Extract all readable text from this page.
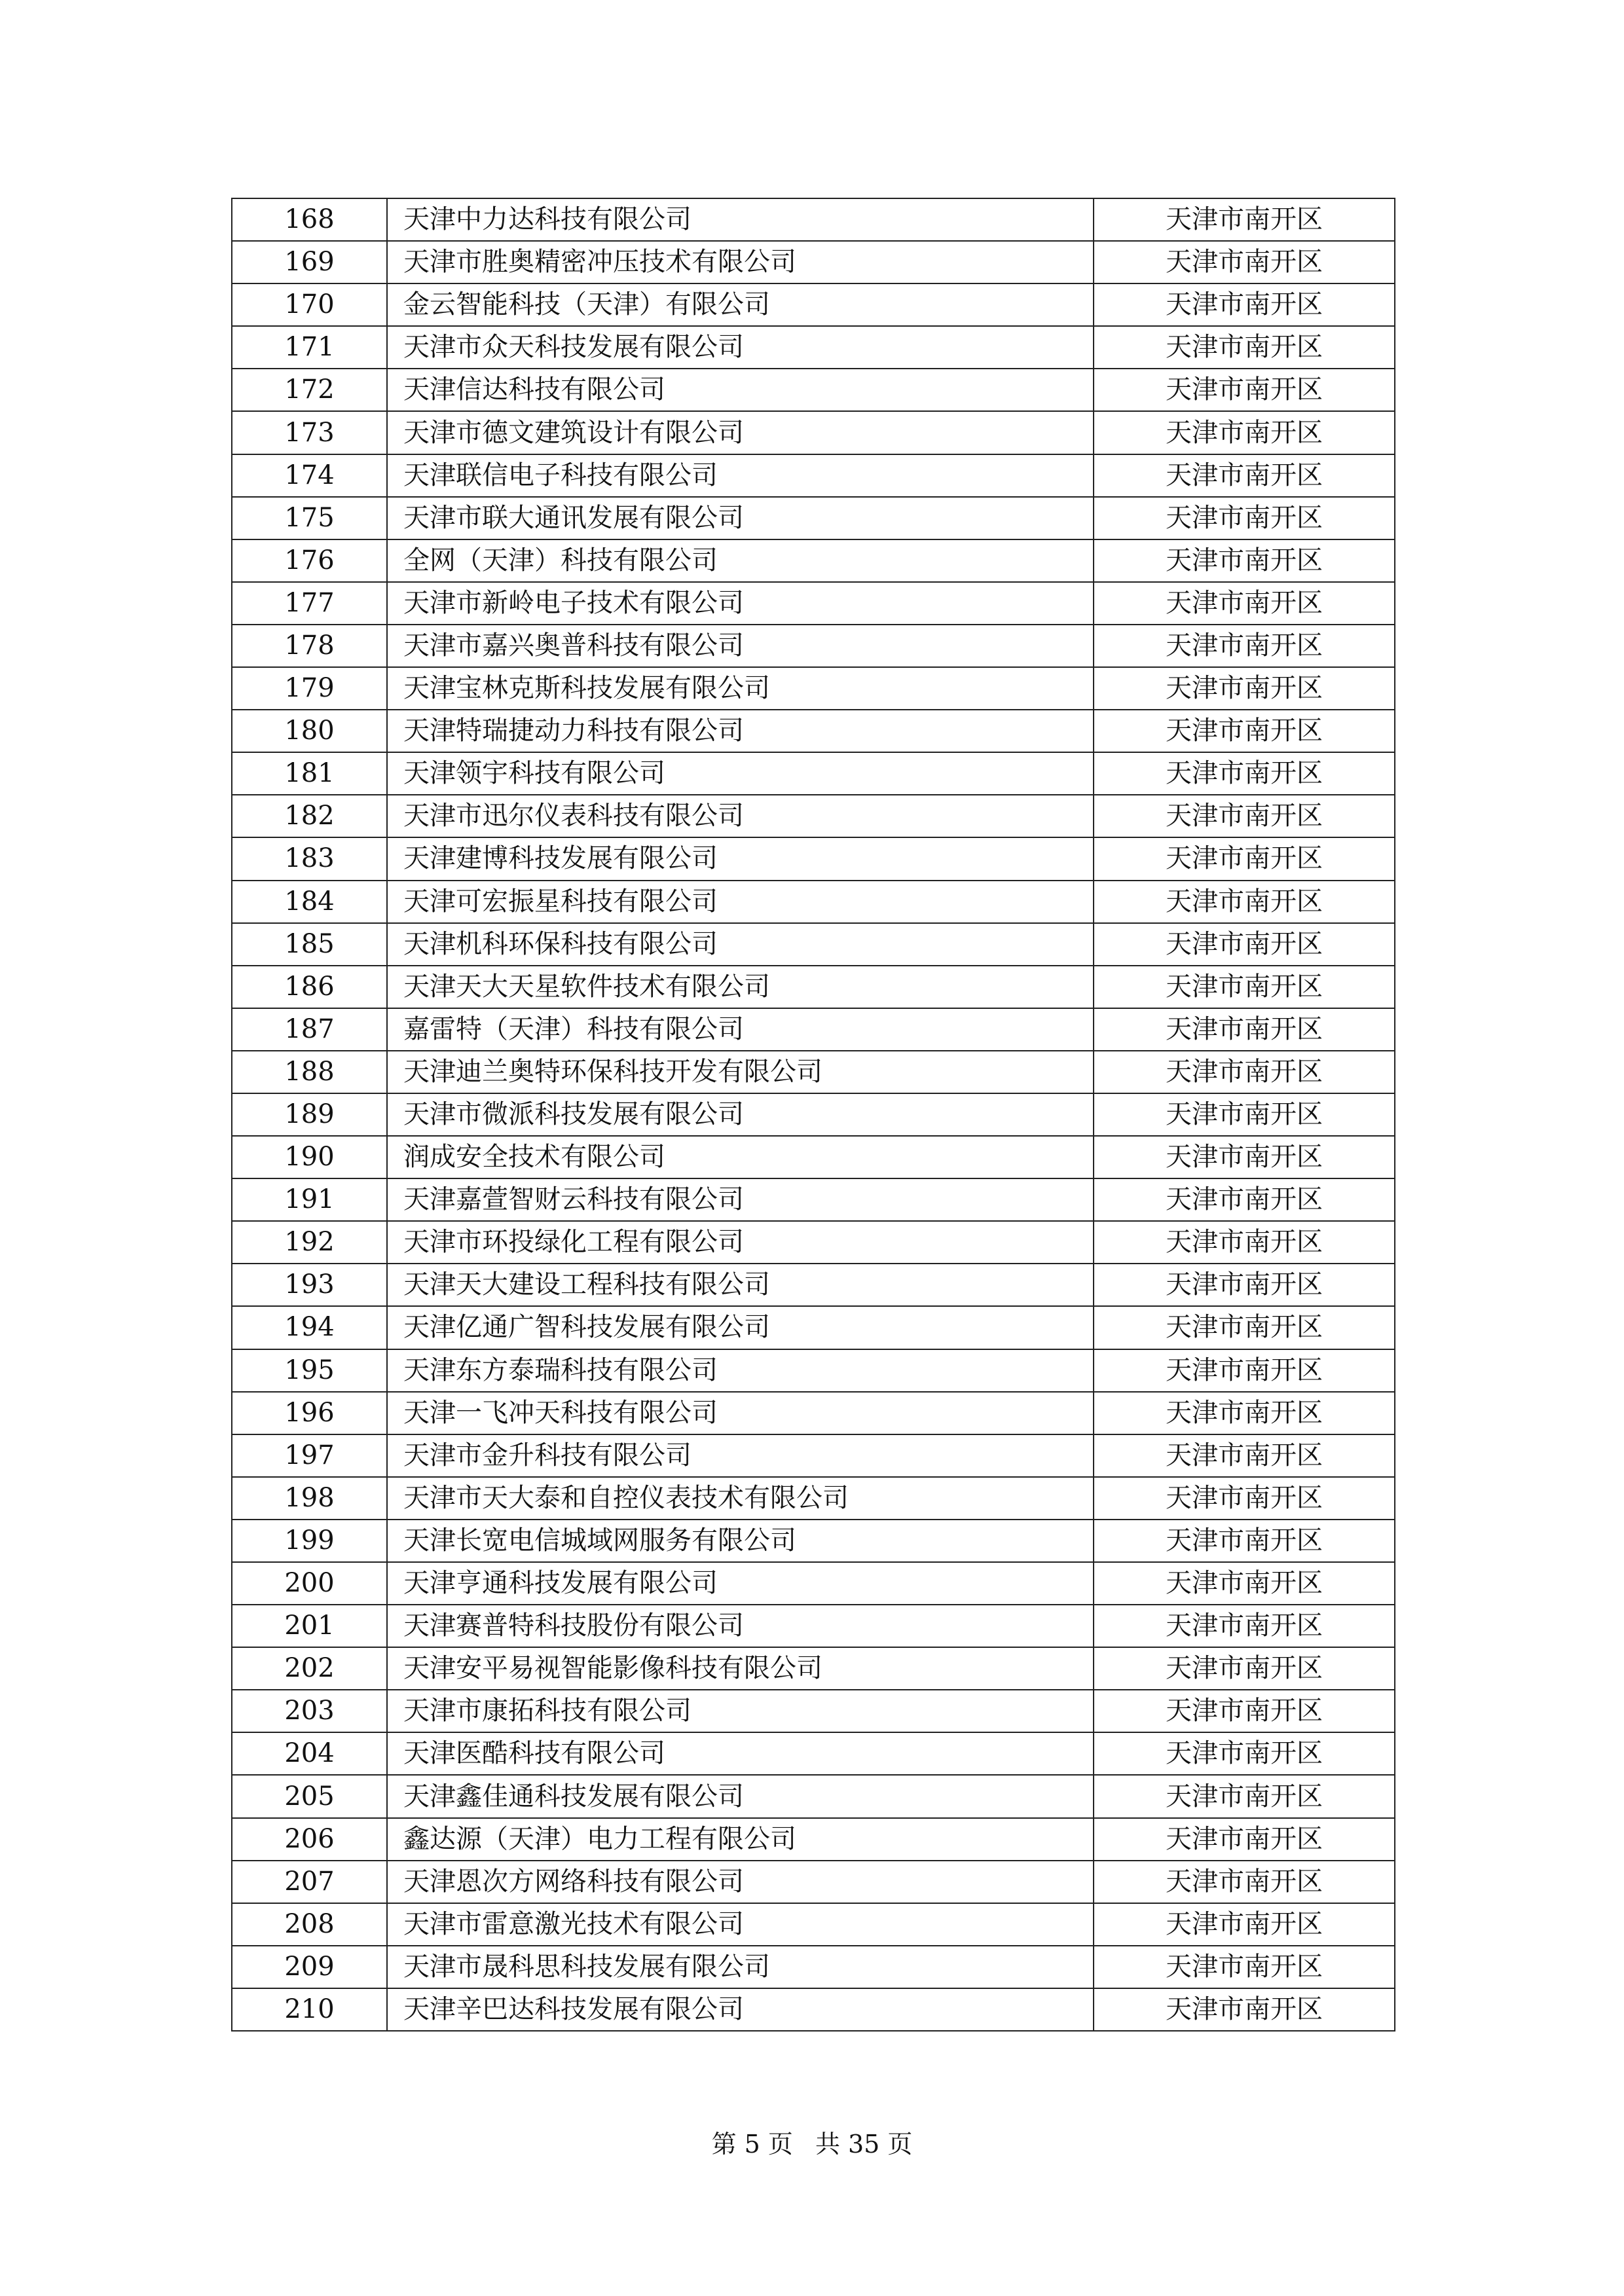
168	天津中力达科技有限公司	天津市南开区
169	天津市胜奥精密冲压技术有限公司	天津市南开区
170	金云智能科技（天津）有限公司	天津市南开区
171	天津市众天科技发展有限公司	天津市南开区
172	天津信达科技有限公司	天津市南开区
173	天津市德文建筑设计有限公司	天津市南开区
174	天津联信电子科技有限公司	天津市南开区
175	天津市联大通讯发展有限公司	天津市南开区
176	全网（天津）科技有限公司	天津市南开区
177	天津市新岭电子技术有限公司	天津市南开区
178	天津市嘉兴奥普科技有限公司	天津市南开区
179	天津宝林克斯科技发展有限公司	天津市南开区
180	天津特瑞捷动力科技有限公司	天津市南开区
181	天津领宇科技有限公司	天津市南开区
182	天津市迅尔仪表科技有限公司	天津市南开区
183	天津建博科技发展有限公司	天津市南开区
184	天津可宏振星科技有限公司	天津市南开区
185	天津机科环保科技有限公司	天津市南开区
186	天津天大天星软件技术有限公司	天津市南开区
187	嘉雷特（天津）科技有限公司	天津市南开区
188	天津迪兰奥特环保科技开发有限公司	天津市南开区
189	天津市微派科技发展有限公司	天津市南开区
190	润成安全技术有限公司	天津市南开区
191	天津嘉萱智财云科技有限公司	天津市南开区
192	天津市环投绿化工程有限公司	天津市南开区
193	天津天大建设工程科技有限公司	天津市南开区
194	天津亿通广智科技发展有限公司	天津市南开区
195	天津东方泰瑞科技有限公司	天津市南开区
196	天津一飞冲天科技有限公司	天津市南开区
197	天津市金升科技有限公司	天津市南开区
198	天津市天大泰和自控仪表技术有限公司	天津市南开区
199	天津长宽电信城域网服务有限公司	天津市南开区
200	天津亨通科技发展有限公司	天津市南开区
201	天津赛普特科技股份有限公司	天津市南开区
202	天津安平易视智能影像科技有限公司	天津市南开区
203	天津市康拓科技有限公司	天津市南开区
204	天津医酷科技有限公司	天津市南开区
205	天津鑫佳通科技发展有限公司	天津市南开区
206	鑫达源（天津）电力工程有限公司	天津市南开区
207	天津恩次方网络科技有限公司	天津市南开区
208	天津市雷意激光技术有限公司	天津市南开区
209	天津市晟科思科技发展有限公司	天津市南开区
210	天津辛巴达科技发展有限公司	天津市南开区
第 5 页 共 35 页
